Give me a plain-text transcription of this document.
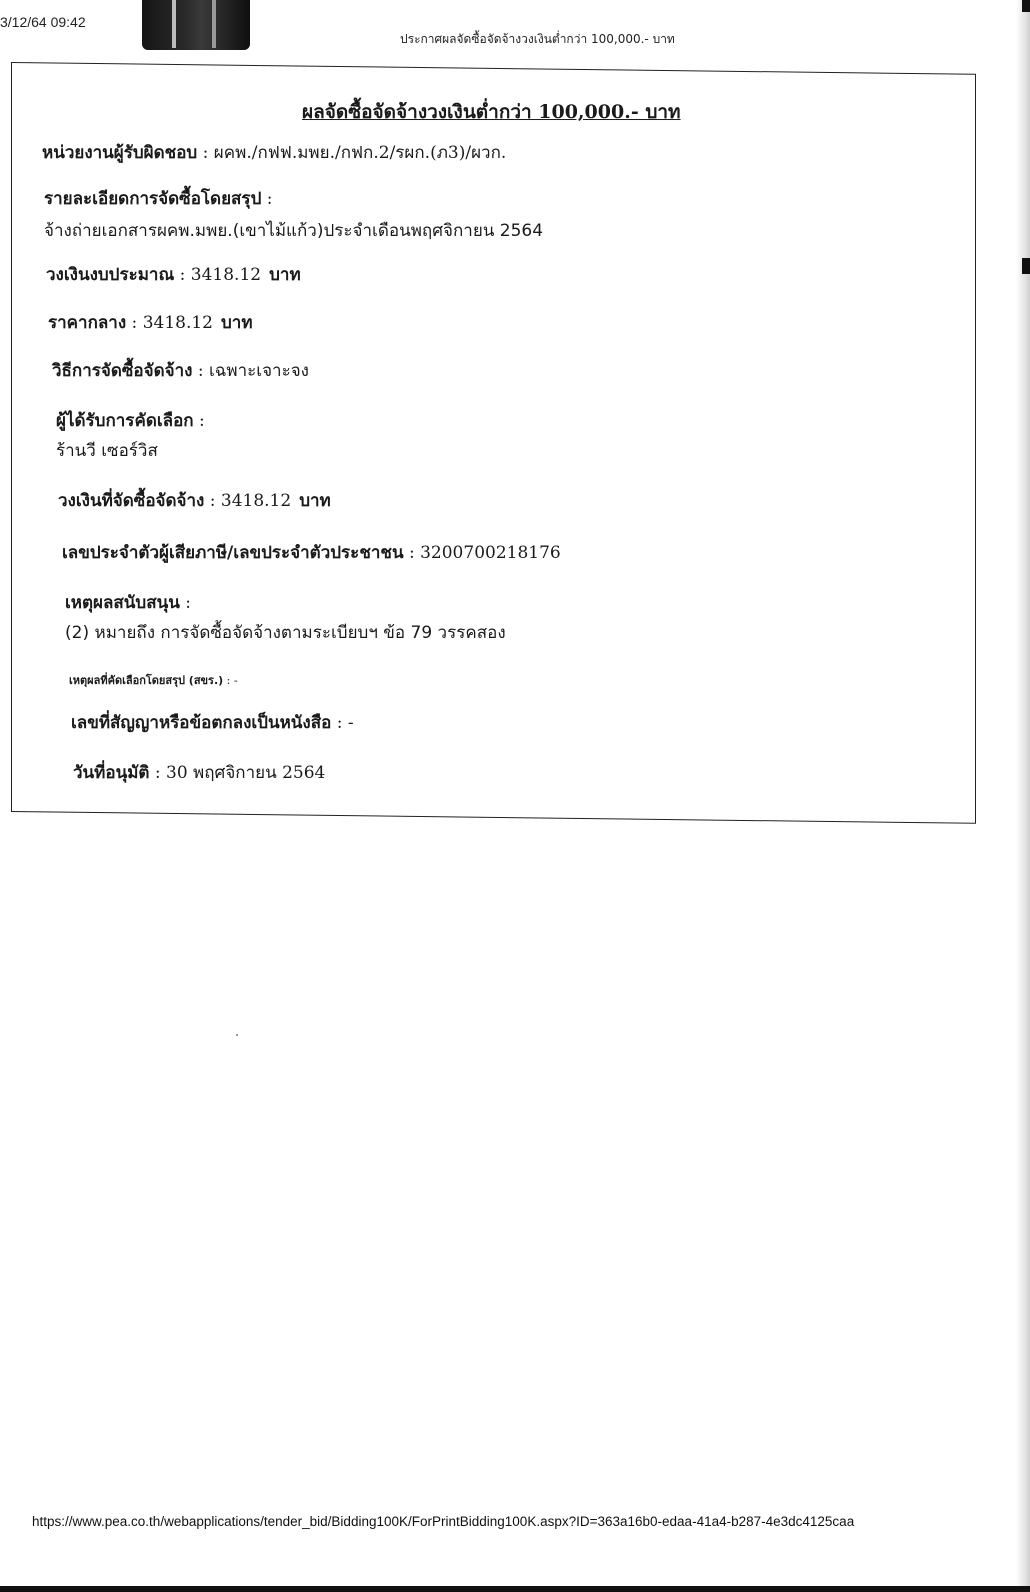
3/12/64 09:42
ประกาศผลจัดซื้อจัดจ้างวงเงินต่ำกว่า 100,000.- บาท
ผลจัดซื้อจัดจ้างวงเงินต่ำกว่า 100,000.- บาท
หน่วยงานผู้รับผิดชอบ : ผคพ./กฟฟ.มพย./กฟก.2/รผก.(ภ3)/ผวก.
รายละเอียดการจัดซื้อโดยสรุป :
จ้างถ่ายเอกสารผคพ.มพย.(เขาไม้แก้ว)ประจำเดือนพฤศจิกายน 2564
วงเงินงบประมาณ : 3418.12 บาท
ราคากลาง : 3418.12 บาท
วิธีการจัดซื้อจัดจ้าง : เฉพาะเจาะจง
ผู้ได้รับการคัดเลือก :
ร้านวี เซอร์วิส
วงเงินที่จัดซื้อจัดจ้าง : 3418.12 บาท
เลขประจำตัวผู้เสียภาษี/เลขประจำตัวประชาชน : 3200700218176
เหตุผลสนับสนุน :
(2) หมายถึง การจัดซื้อจัดจ้างตามระเบียบฯ ข้อ 79 วรรคสอง
เหตุผลที่คัดเลือกโดยสรุป (สขร.) : -
เลขที่สัญญาหรือข้อตกลงเป็นหนังสือ : -
วันที่อนุมัติ : 30 พฤศจิกายน 2564
https://www.pea.co.th/webapplications/tender_bid/Bidding100K/ForPrintBidding100K.aspx?ID=363a16b0-edaa-41a4-b287-4e3dc4125caa
